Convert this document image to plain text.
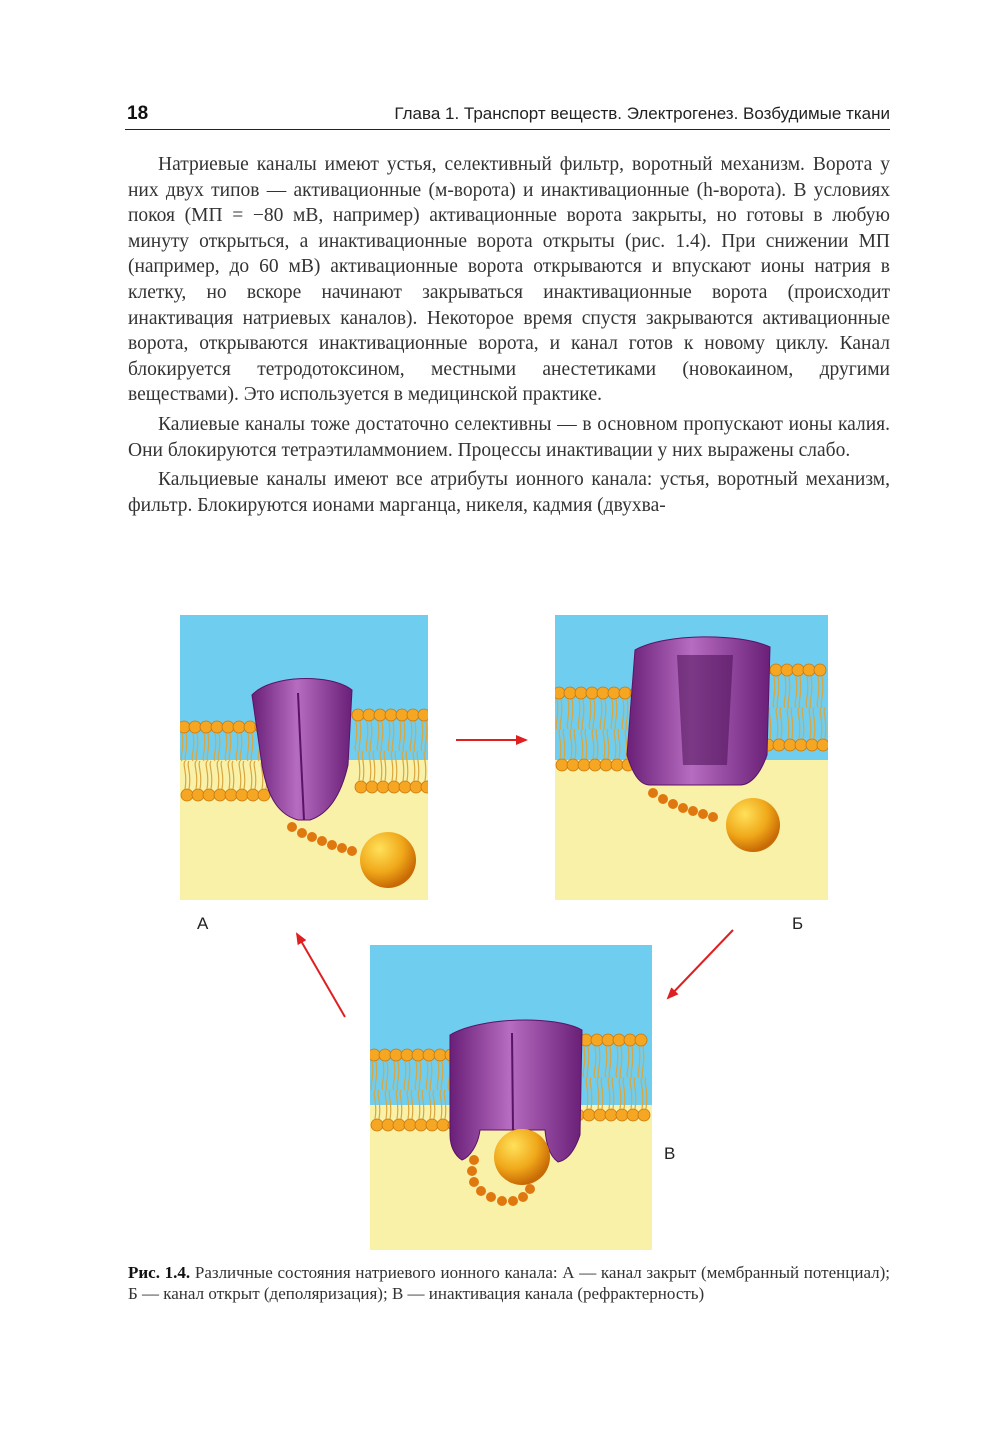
18	Глава 1. Транспорт веществ. Электрогенез. Возбудимые ткани

Натриевые каналы имеют устья, селективный фильтр, воротный механизм. Ворота у них двух типов — активационные (м-ворота) и инактивационные (h-ворота). В условиях покоя (МП = −80 мВ, например) активационные ворота закрыты, но готовы в любую минуту открыться, а инактивационные ворота открыты (рис. 1.4). При снижении МП (например, до 60 мВ) активационные ворота открываются и впускают ионы натрия в клетку, но вскоре начинают закрываться инактивационные ворота (происходит инактивация натриевых каналов). Некоторое время спустя закрываются активационные ворота, открываются инактивационные ворота, и канал готов к новому циклу. Канал блокируется тетродотоксином, местными анестетиками (новокаином, другими веществами). Это используется в медицинской практике.

Калиевые каналы тоже достаточно селективны — в основном пропускают ионы калия. Они блокируются тетраэтиламмонием. Процессы инактивации у них выражены слабо.

Кальциевые каналы имеют все атрибуты ионного канала: устья, воротный механизм, фильтр. Блокируются ионами марганца, никеля, кадмия (двухва-

А	Б
В
Рис. 1.4. Различные состояния натриевого ионного канала: А — канал закрыт (мембранный потенциал); Б — канал открыт (деполяризация); В — инактивация канала (рефрактерность)
